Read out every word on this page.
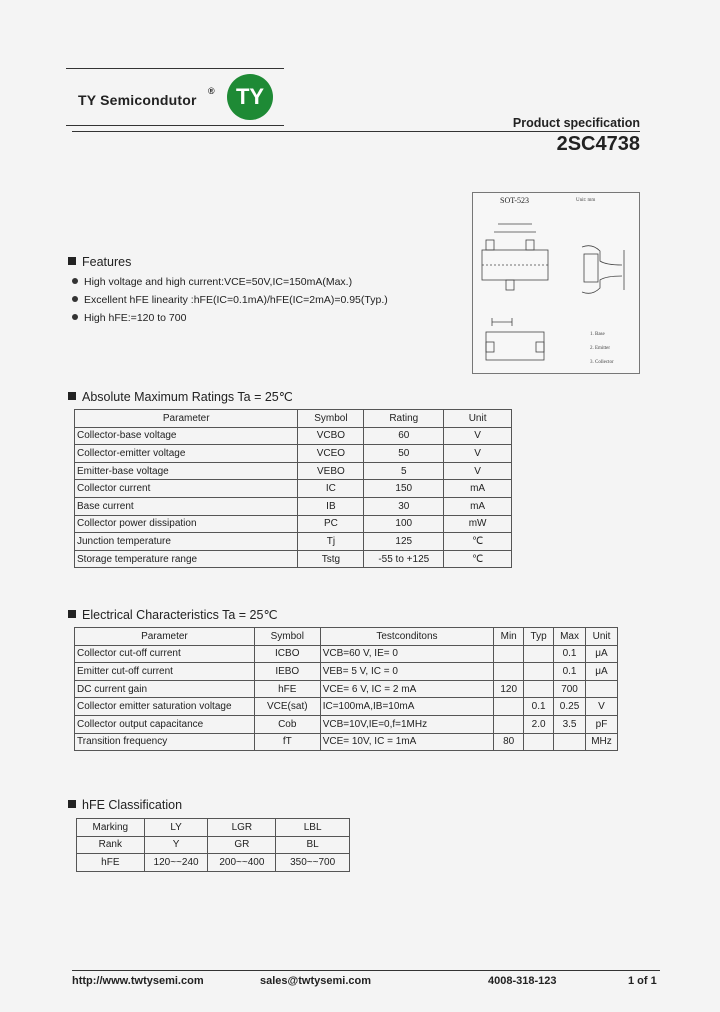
TY Semicondutor
® TY
Product specification
2SC4738
SOT-523	Unit: mm
1. Base
2. Emitter
3. Collector
Features
High voltage and high current:VCE=50V,IC=150mA(Max.)
Excellent hFE linearity :hFE(IC=0.1mA)/hFE(IC=2mA)=0.95(Typ.)
High hFE:=120 to 700
Absolute Maximum Ratings Ta = 25℃
Parameter	Symbol	Rating	Unit
Collector-base voltage	VCBO	60	V
Collector-emitter voltage	VCEO	50	V
Emitter-base voltage	VEBO	5	V
Collector current	IC	150	mA
Base current	IB	30	mA
Collector power dissipation	PC	100	mW
Junction temperature	Tj	125	℃
Storage temperature range	Tstg	-55 to +125	℃
Electrical Characteristics Ta = 25℃
Parameter	Symbol	Testconditons	Min	Typ	Max	Unit
Collector cut-off current	ICBO	VCB=60 V, IE= 0			0.1	μA
Emitter cut-off current	IEBO	VEB= 5 V, IC = 0			0.1	μA
DC current gain	hFE	VCE= 6 V, IC = 2 mA	120		700	
Collector emitter saturation voltage	VCE(sat)	IC=100mA,IB=10mA		0.1	0.25	V
Collector output capacitance	Cob	VCB=10V,IE=0,f=1MHz		2.0	3.5	pF
Transition frequency	fT	VCE= 10V, IC = 1mA	80			MHz
hFE Classification
Marking	LY	LGR	LBL
Rank	Y	GR	BL
hFE	120~~240	200~~400	350~~700
http://www.twtysemi.com	sales@twtysemi.com	4008-318-123	1 of 1
